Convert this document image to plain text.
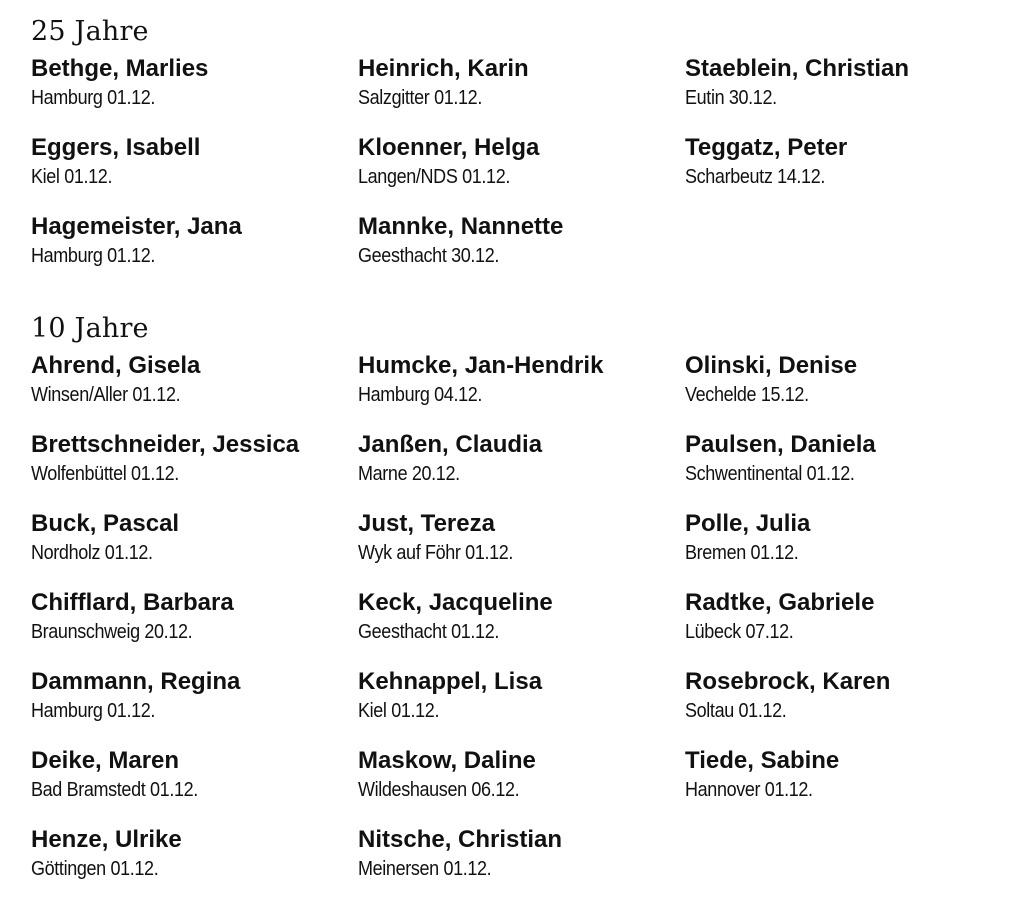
25 Jahre
Bethge, Marlies
Hamburg 01.12.
Eggers, Isabell
Kiel 01.12.
Hagemeister, Jana
Hamburg 01.12.
Heinrich, Karin
Salzgitter 01.12.
Kloenner, Helga
Langen/NDS 01.12.
Mannke, Nannette
Geesthacht 30.12.
Staeblein, Christian
Eutin 30.12.
Teggatz, Peter
Scharbeutz 14.12.
10 Jahre
Ahrend, Gisela
Winsen/Aller 01.12.
Brettschneider, Jessica
Wolfenbüttel 01.12.
Buck, Pascal
Nordholz 01.12.
Chifflard, Barbara
Braunschweig 20.12.
Dammann, Regina
Hamburg 01.12.
Deike, Maren
Bad Bramstedt 01.12.
Henze, Ulrike
Göttingen 01.12.
Humcke, Jan-Hendrik
Hamburg 04.12.
Janßen, Claudia
Marne 20.12.
Just, Tereza
Wyk auf Föhr 01.12.
Keck, Jacqueline
Geesthacht 01.12.
Kehnappel, Lisa
Kiel 01.12.
Maskow, Daline
Wildeshausen 06.12.
Nitsche, Christian
Meinersen 01.12.
Olinski, Denise
Vechelde 15.12.
Paulsen, Daniela
Schwentinental 01.12.
Polle, Julia
Bremen 01.12.
Radtke, Gabriele
Lübeck 07.12.
Rosebrock, Karen
Soltau 01.12.
Tiede, Sabine
Hannover 01.12.
